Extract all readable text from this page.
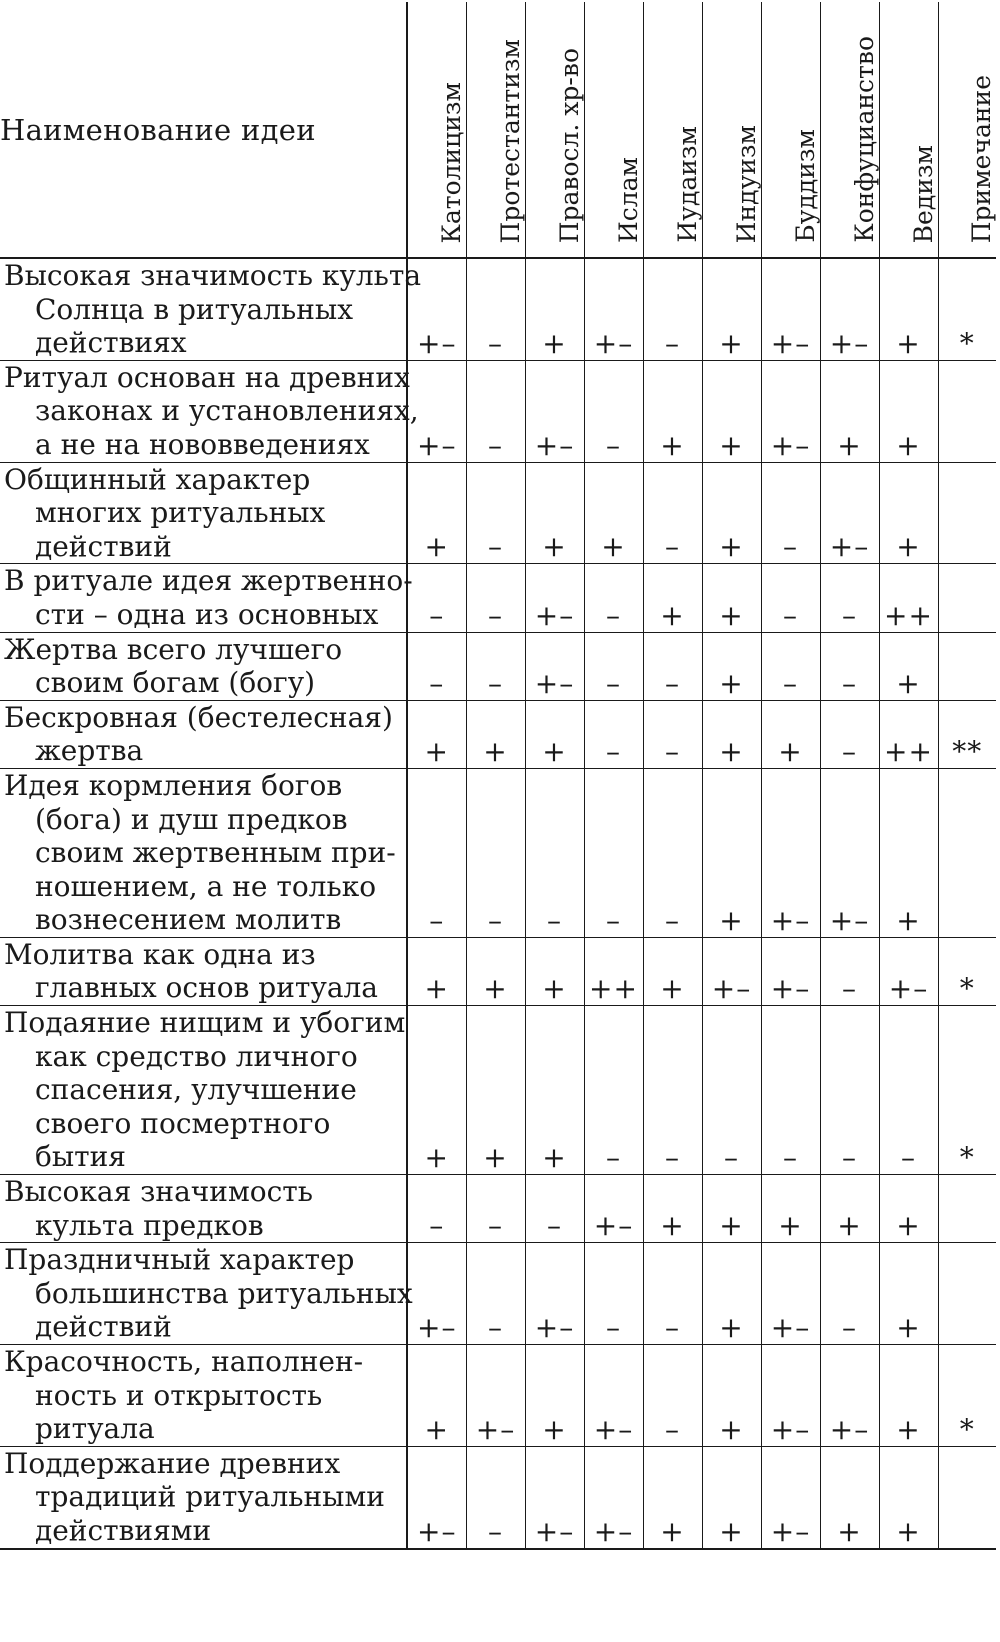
Наименование идеи	Католицизм	Протестантизм	Правосл. хр-во	Ислам	Иудаизм	Индуизм	Буддизм	Конфуцианство	Ведизм	Примечание

Высокая значимость культа
Солнца в ритуальных
действиях	+–	–	+	+–	–	+	+–	+–	+	*

Ритуал основан на древних
законах и установлениях,
а не на нововведениях	+–	–	+–	–	+	+	+–	+	+	

Общинный характер
многих ритуальных
действий	+	–	+	+	–	+	–	+–	+	

В ритуале идея жертвенно-
сти – одна из основных	–	–	+–	–	+	+	–	–	++	

Жертва всего лучшего
своим богам (богу)	–	–	+–	–	–	+	–	–	+	

Бескровная (бестелесная)
жертва	+	+	+	–	–	+	+	–	++	**

Идея кормления богов
(бога) и душ предков
своим жертвенным при-
ношением, а не только
вознесением молитв	–	–	–	–	–	+	+–	+–	+	

Молитва как одна из
главных основ ритуала	+	+	+	++	+	+–	+–	–	+–	*

Подаяние нищим и убогим
как средство личного
спасения, улучшение
своего посмертного
бытия	+	+	+	–	–	–	–	–	–	*

Высокая значимость
культа предков	–	–	–	+–	+	+	+	+	+	

Праздничный характер
большинства ритуальных
действий	+–	–	+–	–	–	+	+–	–	+	

Красочность, наполнен-
ность и открытость
ритуала	+	+–	+	+–	–	+	+–	+–	+	*

Поддержание древних
традиций ритуальными
действиями	+–	–	+–	+–	+	+	+–	+	+	
